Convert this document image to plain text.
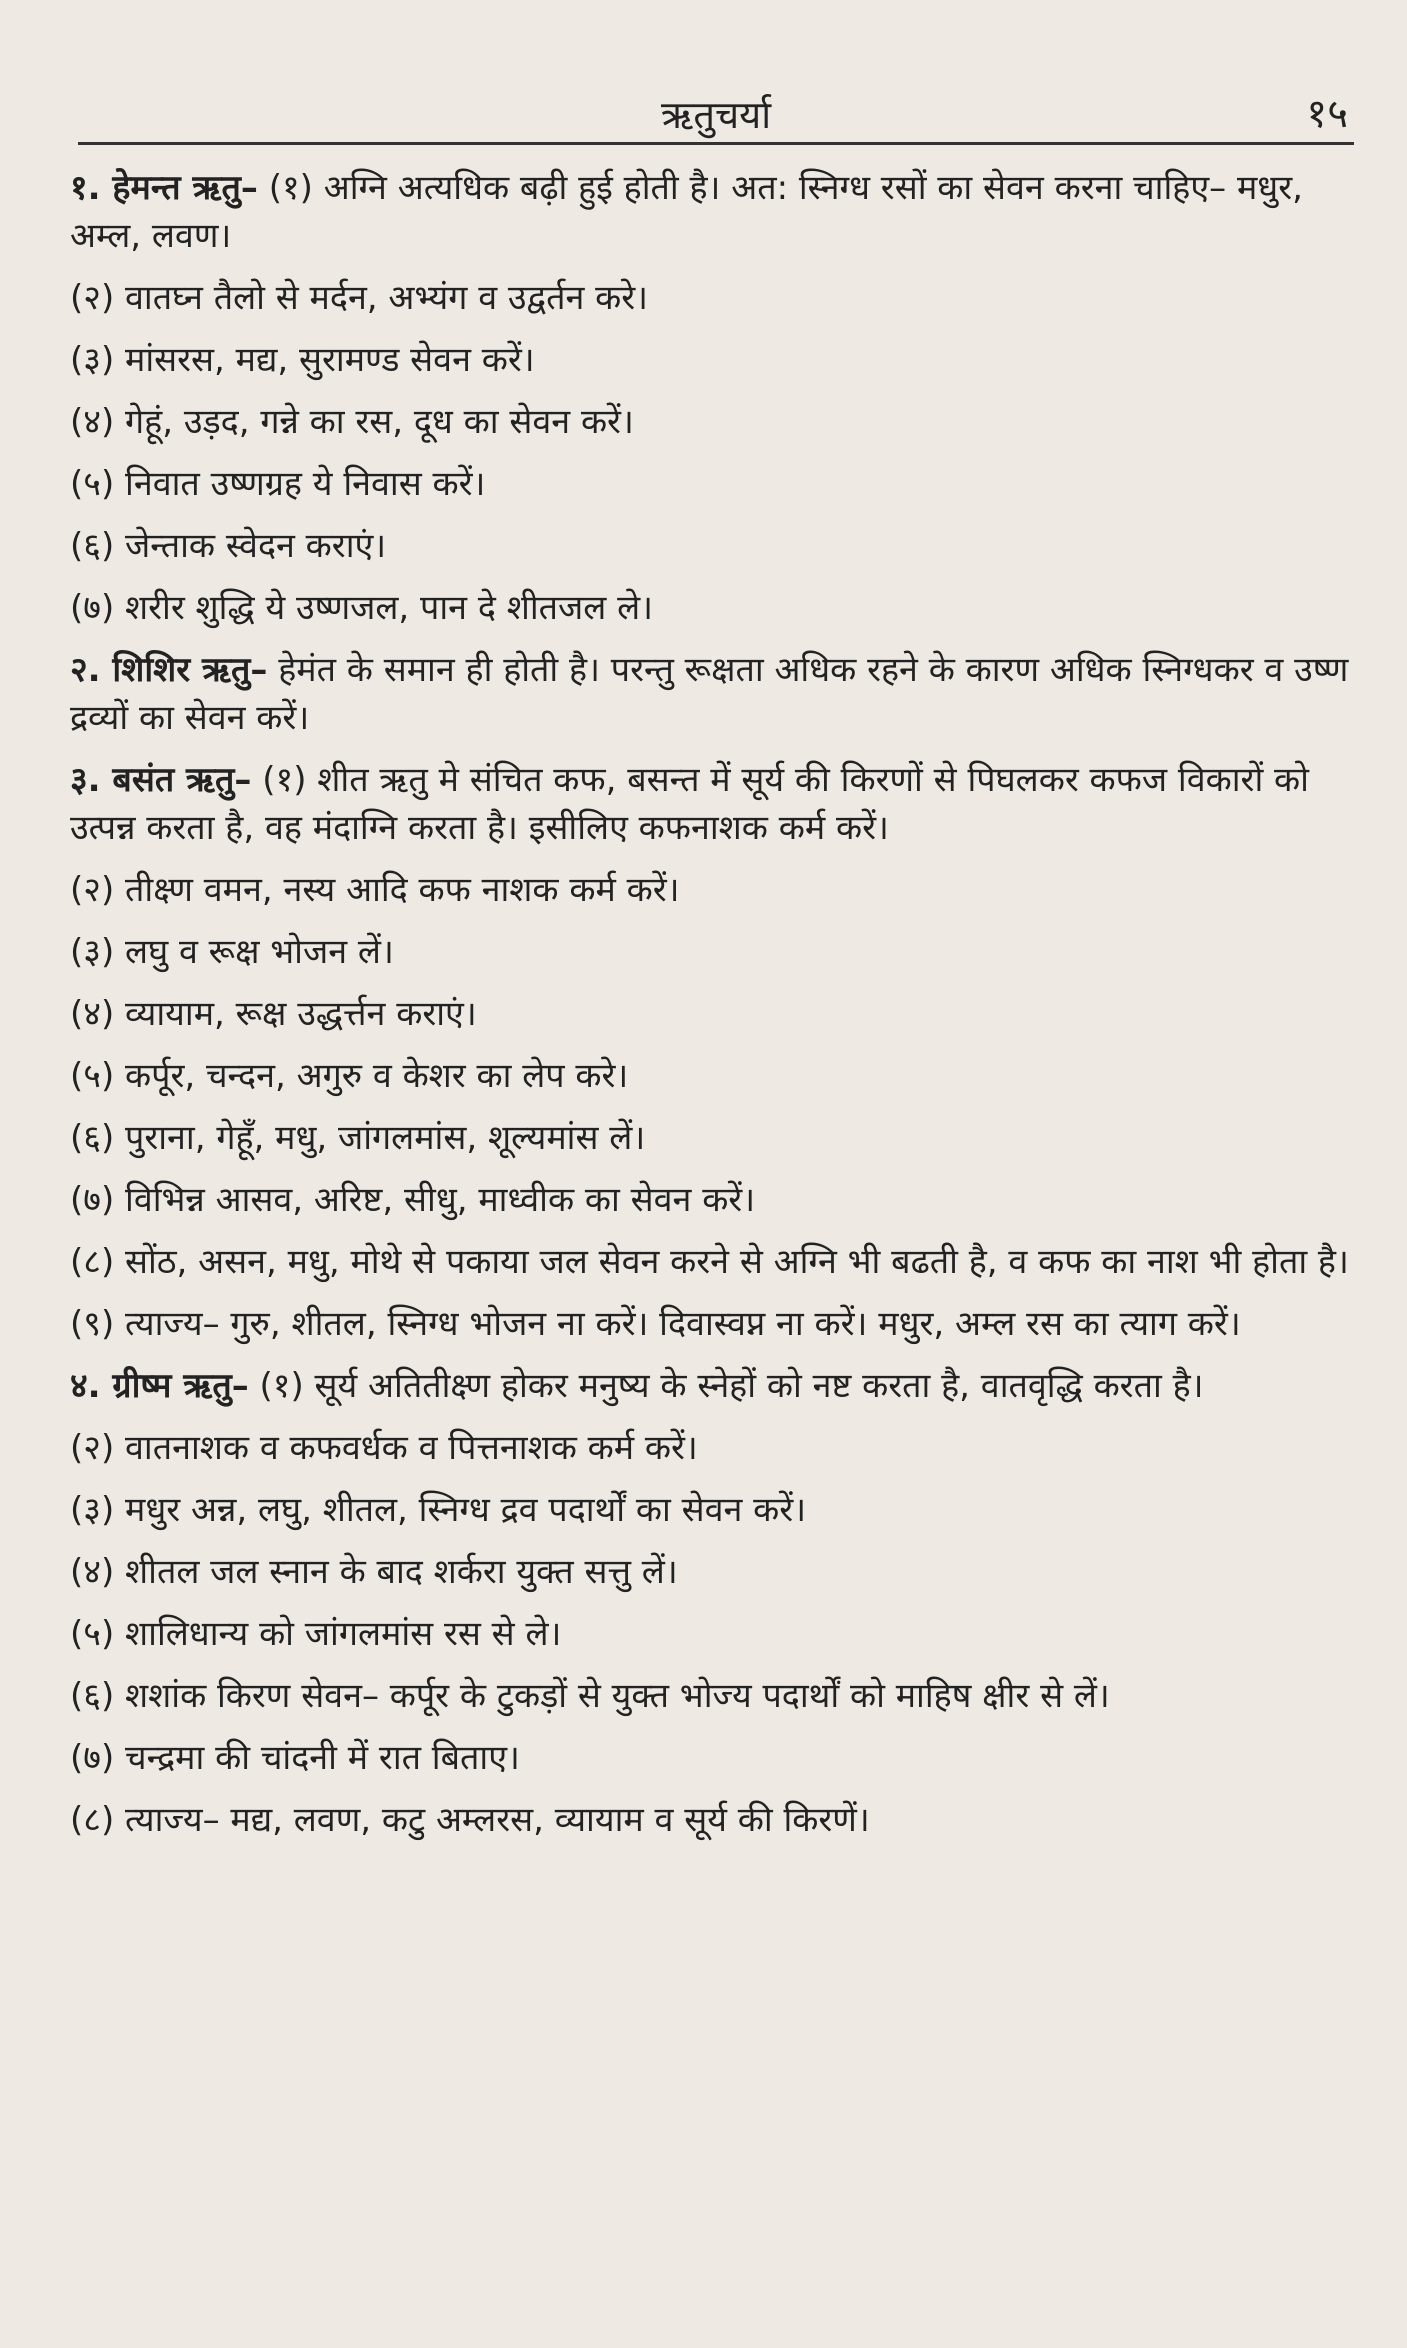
ऋतुचर्या	१५

१. हेमन्त ऋतु– (१) अग्नि अत्यधिक बढ़ी हुई होती है। अत: स्निग्ध रसों का सेवन करना चाहिए– मधुर, अम्ल, लवण।

(२) वातघ्न तैलो से मर्दन, अभ्यंग व उद्वर्तन करे।

(३) मांसरस, मद्य, सुरामण्ड सेवन करें।

(४) गेहूं, उड़द, गन्ने का रस, दूध का सेवन करें।

(५) निवात उष्णग्रह ये निवास करें।

(६) जेन्ताक स्वेदन कराएं।

(७) शरीर शुद्धि ये उष्णजल, पान दे शीतजल ले।

२. शिशिर ऋतु– हेमंत के समान ही होती है। परन्तु रूक्षता अधिक रहने के कारण अधिक स्निग्धकर व उष्ण द्रव्यों का सेवन करें।

३. बसंत ऋतु– (१) शीत ऋतु मे संचित कफ, बसन्त में सूर्य की किरणों से पिघलकर कफज विकारों को उत्पन्न करता है, वह मंदाग्नि करता है। इसीलिए कफनाशक कर्म करें।

(२) तीक्ष्ण वमन, नस्य आदि कफ नाशक कर्म करें।

(३) लघु व रूक्ष भोजन लें।

(४) व्यायाम, रूक्ष उद्धर्त्तन कराएं।

(५) कर्पूर, चन्दन, अगुरु व केशर का लेप करे।

(६) पुराना, गेहूँ, मधु, जांगलमांस, शूल्यमांस लें।

(७) विभिन्न आसव, अरिष्ट, सीधु, माध्वीक का सेवन करें।

(८) सोंठ, असन, मधु, मोथे से पकाया जल सेवन करने से अग्नि भी बढती है, व कफ का नाश भी होता है।

(९) त्याज्य– गुरु, शीतल, स्निग्ध भोजन ना करें। दिवास्वप्न ना करें। मधुर, अम्ल रस का त्याग करें।

४. ग्रीष्म ऋतु– (१) सूर्य अतितीक्ष्ण होकर मनुष्य के स्नेहों को नष्ट करता है, वातवृद्धि करता है।

(२) वातनाशक व कफवर्धक व पित्तनाशक कर्म करें।

(३) मधुर अन्न, लघु, शीतल, स्निग्ध द्रव पदार्थों का सेवन करें।

(४) शीतल जल स्नान के बाद शर्करा युक्त सत्तु लें।

(५) शालिधान्य को जांगलमांस रस से ले।

(६) शशांक किरण सेवन– कर्पूर के टुकड़ों से युक्त भोज्य पदार्थों को माहिष क्षीर से लें।

(७) चन्द्रमा की चांदनी में रात बिताए।

(८) त्याज्य– मद्य, लवण, कटु अम्लरस, व्यायाम व सूर्य की किरणें।
